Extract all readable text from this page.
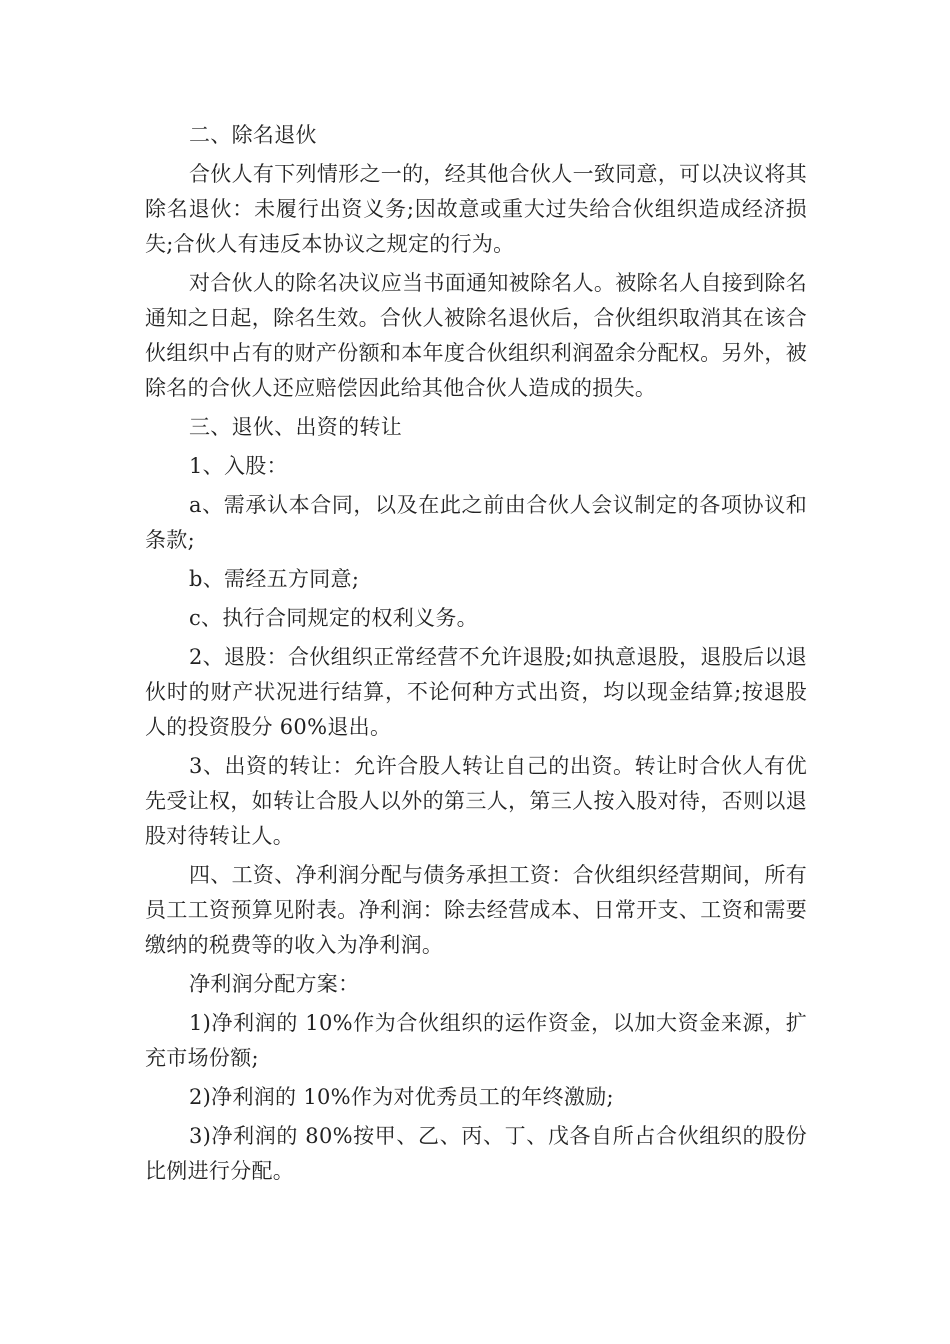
二、除名退伙

合伙人有下列情形之一的，经其他合伙人一致同意，可以决议将其除名退伙：未履行出资义务;因故意或重大过失给合伙组织造成经济损失;合伙人有违反本协议之规定的行为。

对合伙人的除名决议应当书面通知被除名人。被除名人自接到除名通知之日起，除名生效。合伙人被除名退伙后，合伙组织取消其在该合伙组织中占有的财产份额和本年度合伙组织利润盈余分配权。另外，被除名的合伙人还应赔偿因此给其他合伙人造成的损失。

三、退伙、出资的转让

1、入股：

a、需承认本合同，以及在此之前由合伙人会议制定的各项协议和条款;

b、需经五方同意;

c、执行合同规定的权利义务。

2、退股：合伙组织正常经营不允许退股;如执意退股，退股后以退伙时的财产状况进行结算，不论何种方式出资，均以现金结算;按退股人的投资股分 60%退出。

3、出资的转让：允许合股人转让自己的出资。转让时合伙人有优先受让权，如转让合股人以外的第三人，第三人按入股对待，否则以退股对待转让人。

四、工资、净利润分配与债务承担工资：合伙组织经营期间，所有员工工资预算见附表。净利润：除去经营成本、日常开支、工资和需要缴纳的税费等的收入为净利润。

净利润分配方案：

1)净利润的 10%作为合伙组织的运作资金，以加大资金来源，扩充市场份额;

2)净利润的 10%作为对优秀员工的年终激励;

3)净利润的 80%按甲、乙、丙、丁、戊各自所占合伙组织的股份比例进行分配。
